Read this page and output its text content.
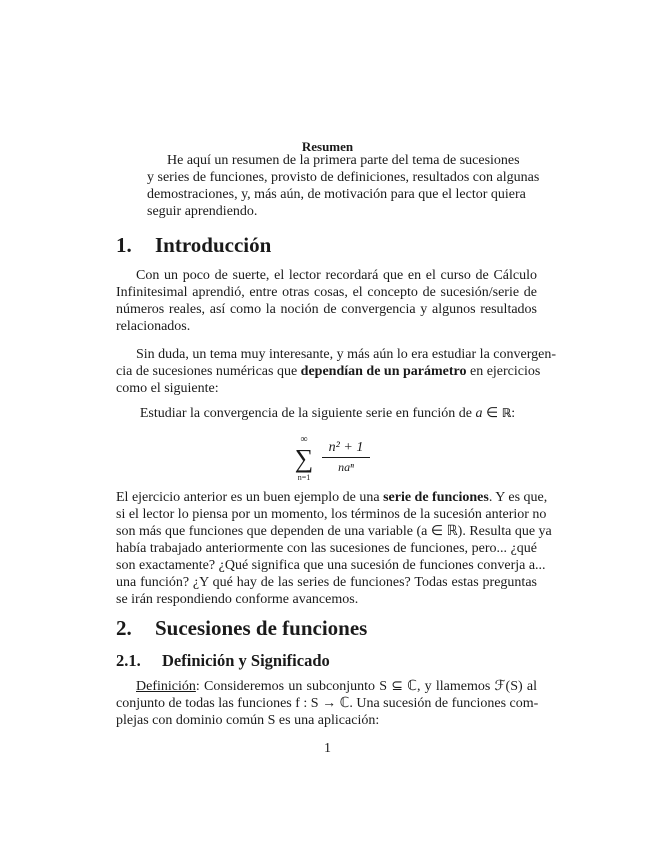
Resumen
He aquí un resumen de la primera parte del tema de sucesiones
y series de funciones, provisto de definiciones, resultados con algunas
demostraciones, y, más aún, de motivación para que el lector quiera
seguir aprendiendo.
1. Introducción
Con un poco de suerte, el lector recordará que en el curso de Cálculo
Infinitesimal aprendió, entre otras cosas, el concepto de sucesión/serie de
números reales, así como la noción de convergencia y algunos resultados
relacionados.
Sin duda, un tema muy interesante, y más aún lo era estudiar la convergen-
cia de sucesiones numéricas que dependían de un parámetro en ejercicios
como el siguiente:
Estudiar la convergencia de la siguiente serie en función de a ∈ ℝ:
∞
∑
n=1
n² + 1
naⁿ
El ejercicio anterior es un buen ejemplo de una serie de funciones. Y es que,
si el lector lo piensa por un momento, los términos de la sucesión anterior no
son más que funciones que dependen de una variable (a ∈ ℝ). Resulta que ya
había trabajado anteriormente con las sucesiones de funciones, pero... ¿qué
son exactamente? ¿Qué significa que una sucesión de funciones converja a...
una función? ¿Y qué hay de las series de funciones? Todas estas preguntas
se irán respondiendo conforme avancemos.
2. Sucesiones de funciones
2.1. Definición y Significado
Definición: Consideremos un subconjunto S ⊆ ℂ, y llamemos ℱ(S) al
conjunto de todas las funciones f : S → ℂ. Una sucesión de funciones com-
plejas con dominio común S es una aplicación:
1
